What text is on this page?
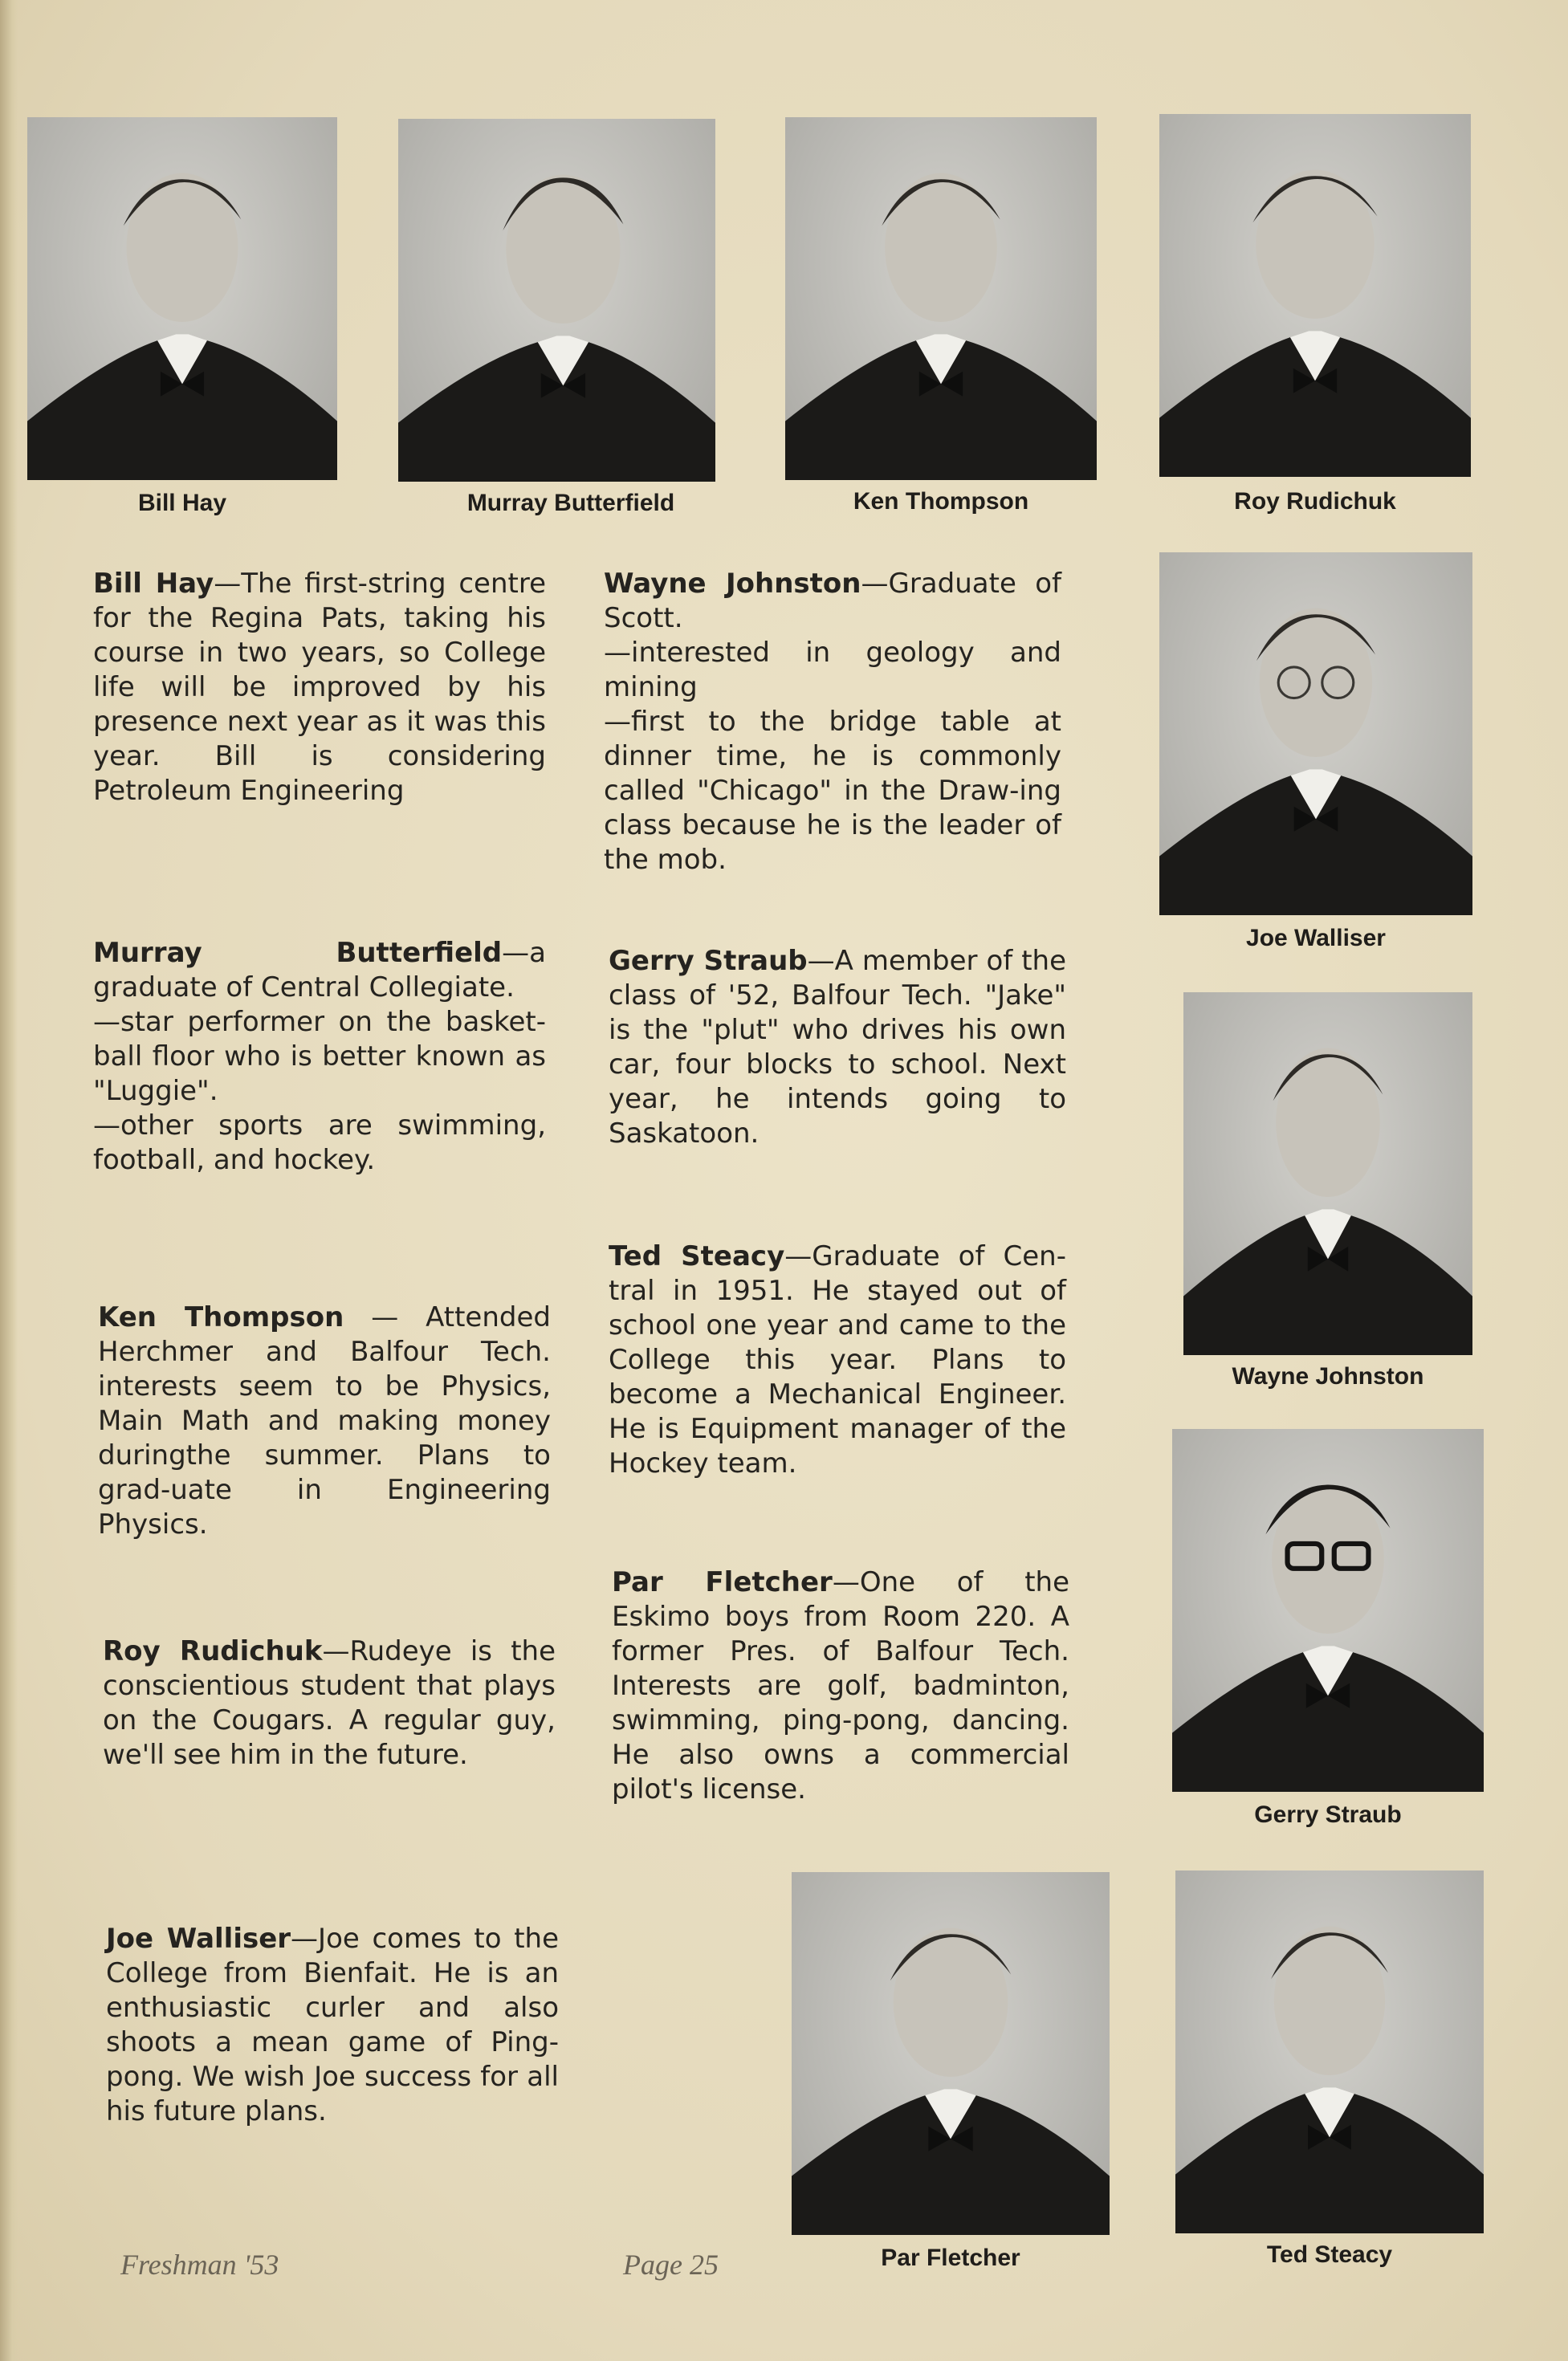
Bill Hay	Murray Butterfield	Ken Thompson	Roy Rudichuk
Joe Walliser
Wayne Johnston
Gerry Straub
Par Fletcher	Ted Steacy
Bill Hay—The first-string centre for the Regina Pats, taking his course in two years, so College life will be improved by his presence next year as it was this year. Bill is considering Petroleum Engineering
Murray Butterfield—a graduate of Central Collegiate.
—star performer on the basket-ball floor who is better known as "Luggie".
—other sports are swimming, football, and hockey.
Ken Thompson — Attended Herchmer and Balfour Tech. interests seem to be Physics, Main Math and making money duringthe summer. Plans to grad-uate in Engineering Physics.
Roy Rudichuk—Rudeye is the conscientious student that plays on the Cougars. A regular guy, we'll see him in the future.
Joe Walliser—Joe comes to the College from Bienfait. He is an enthusiastic curler and also shoots a mean game of Ping-pong. We wish Joe success for all his future plans.
Wayne Johnston—Graduate of Scott.
—interested in geology and mining
—first to the bridge table at dinner time, he is commonly called "Chicago" in the Draw-ing class because he is the leader of the mob.
Gerry Straub—A member of the class of '52, Balfour Tech. "Jake" is the "plut" who drives his own car, four blocks to school. Next year, he intends going to Saskatoon.
Ted Steacy—Graduate of Cen-tral in 1951. He stayed out of school one year and came to the College this year. Plans to become a Mechanical Engineer. He is Equipment manager of the Hockey team.
Par Fletcher—One of the Eskimo boys from Room 220. A former Pres. of Balfour Tech. Interests are golf, badminton, swimming, ping-pong, dancing. He also owns a commercial pilot's license.
Freshman '53	Page 25
